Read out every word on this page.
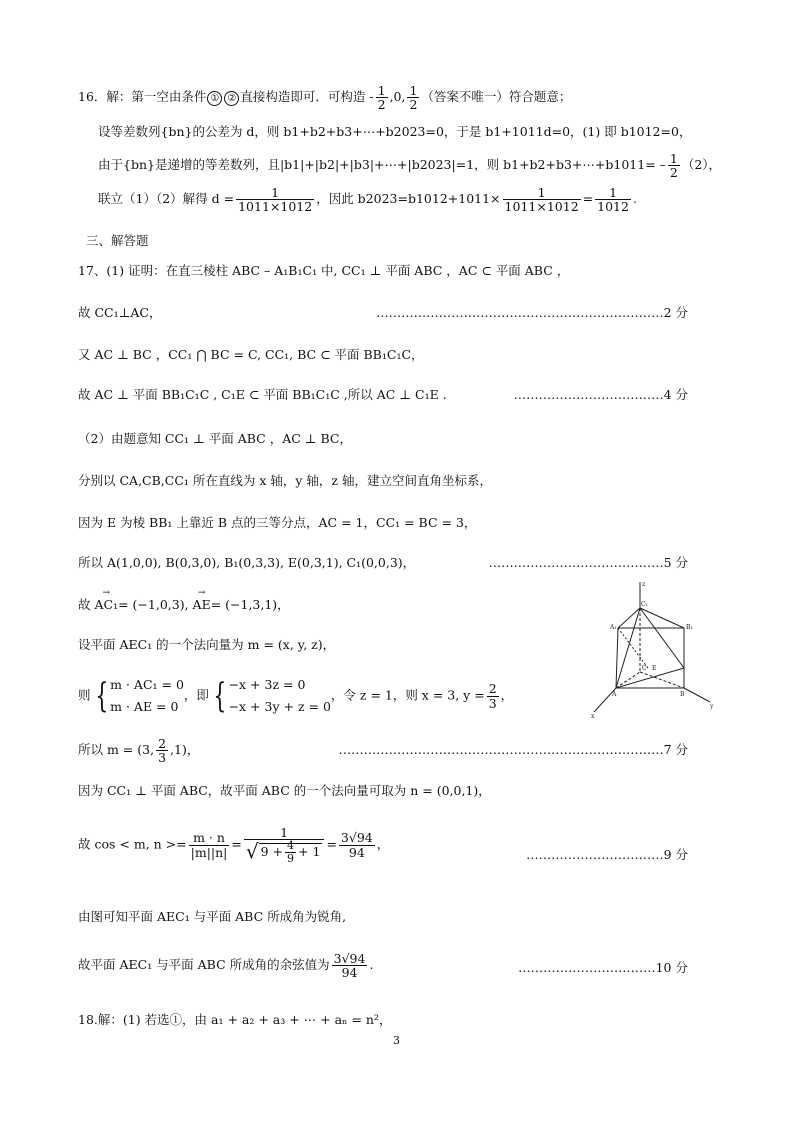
16．解：第一空由条件 ① ② 直接构造即可．可构造 - $\frac{1}{2} ,0$, $\frac{1}{2}$ （答案不唯一）符合题意；
设等差数列{bn}的公差为 d，则 b1+b2+b3+⋯+b2023=0，于是 b1+1011d=0，(1) 即 b1012=0，
由于{bn}是递增的等差数列，且|b1|+|b2|+|b3|+⋯+|b2023|=1，则 b1+b2+b3+⋯+b1011= – $\frac{1}{2} (2)$，
联立（1）（2）解得 $d = \frac{1}{1011\times 1012}$ ，因此 $b2023=b1012+1011\times \frac{1}{1011\times 1012} = \frac{1}{1012}$ .
三、解答题
17、(1) 证明：在直三棱柱 ABC – A₁B₁C₁ 中, CC₁ ⊥ 平面 ABC ，AC ⊂ 平面 ABC ，
故 CC₁⊥AC，	……………………………………………………………2 分
又 AC ⊥ BC ，CC₁ ⋂ BC = C, CC₁, BC ⊂ 平面 BB₁C₁C，
故 AC ⊥ 平面 BB₁C₁C , C₁E ⊂ 平面 BB₁C₁C ,所以 AC ⊥ C₁E .	………………………………4 分
（2）由题意知 CC₁ ⊥ 平面 ABC ，AC ⊥ BC，
分别以 CA,CB,CC₁ 所在直线为 x 轴，y 轴，z 轴，建立空间直角坐标系，
因为 E 为棱 BB₁ 上靠近 B 点的三等分点，AC = 1，CC₁ = BC = 3，
所以 A(1,0,0), B(0,3,0), B₁(0,3,3), E(0,3,1), C₁(0,0,3)，	……………………………………5 分
故 → AC₁= (−1,0,3), → AE= (−1,3,1)，
设平面 AEC₁ 的一个法向量为 m = (x, y, z)，
则 { m · AC₁ = 0
m · AE = 0，即 { −x + 3z = 0
−x + 3y + z = 0，令 z = 1，则 x = 3, $y = \frac{2}{3}$ ，
所以 m = (3, $\frac{2}{3} ,1$)，	……………………………………………………………………7 分
因为 CC₁ ⊥ 平面 ABC，故平面 ABC 的一个法向量可取为 n = (0,0,1)，
故 cos < m, $n >= \frac{m \cdot n}{|m||n|} = \frac{1}{√ 9 + \frac{4}{9} + 1} = \frac{3√94}{94}$ ，
……………………………9 分
由图可知平面 AEC₁ 与平面 ABC 所成角为锐角,
故平面 AEC₁ 与平面 ABC 所成角的余弦值为 $\frac{3√94}{94}$ .	……………………………10 分
18.解：(1) 若选①，由 a₁ + a₂ + a₃ + ⋯ + aₙ = n²，
3
z
C₁
A₁	B₁
E
C
A	B
x
y
